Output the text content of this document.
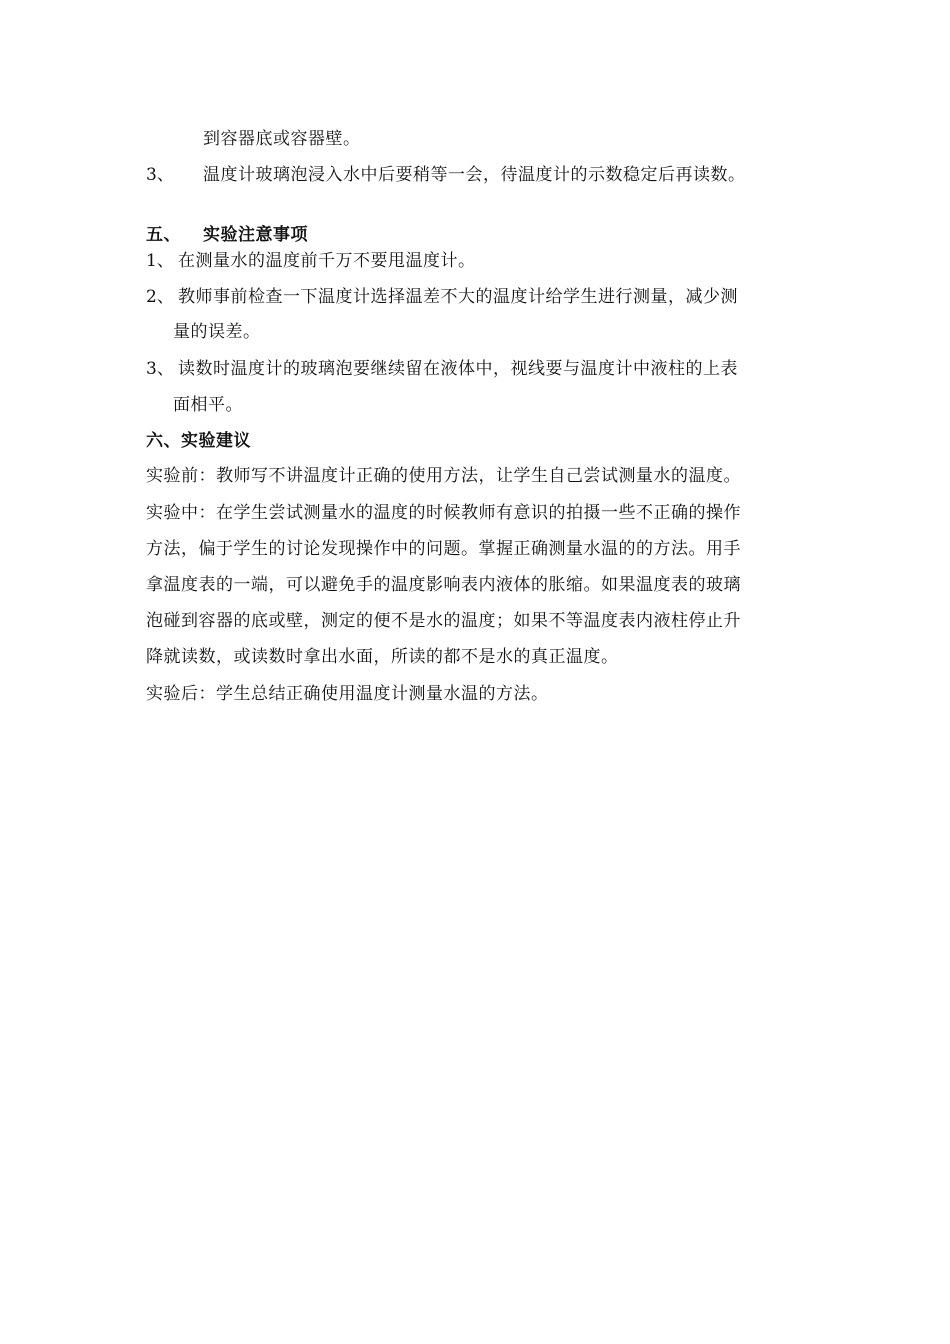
到容器底或容器壁。
3、 温度计玻璃泡浸入水中后要稍等一会，待温度计的示数稳定后再读数。
五、 实验注意事项
1、 在测量水的温度前千万不要甩温度计。
2、 教师事前检查一下温度计选择温差不大的温度计给学生进行测量，减少测
量的误差。
3、 读数时温度计的玻璃泡要继续留在液体中，视线要与温度计中液柱的上表
面相平。
六、实验建议
实验前：教师写不讲温度计正确的使用方法，让学生自己尝试测量水的温度。
实验中：在学生尝试测量水的温度的时候教师有意识的拍摄一些不正确的操作
方法，偏于学生的讨论发现操作中的问题。掌握正确测量水温的的方法。用手
拿温度表的一端，可以避免手的温度影响表内液体的胀缩。如果温度表的玻璃
泡碰到容器的底或壁，测定的便不是水的温度；如果不等温度表内液柱停止升
降就读数，或读数时拿出水面，所读的都不是水的真正温度。
实验后：学生总结正确使用温度计测量水温的方法。
